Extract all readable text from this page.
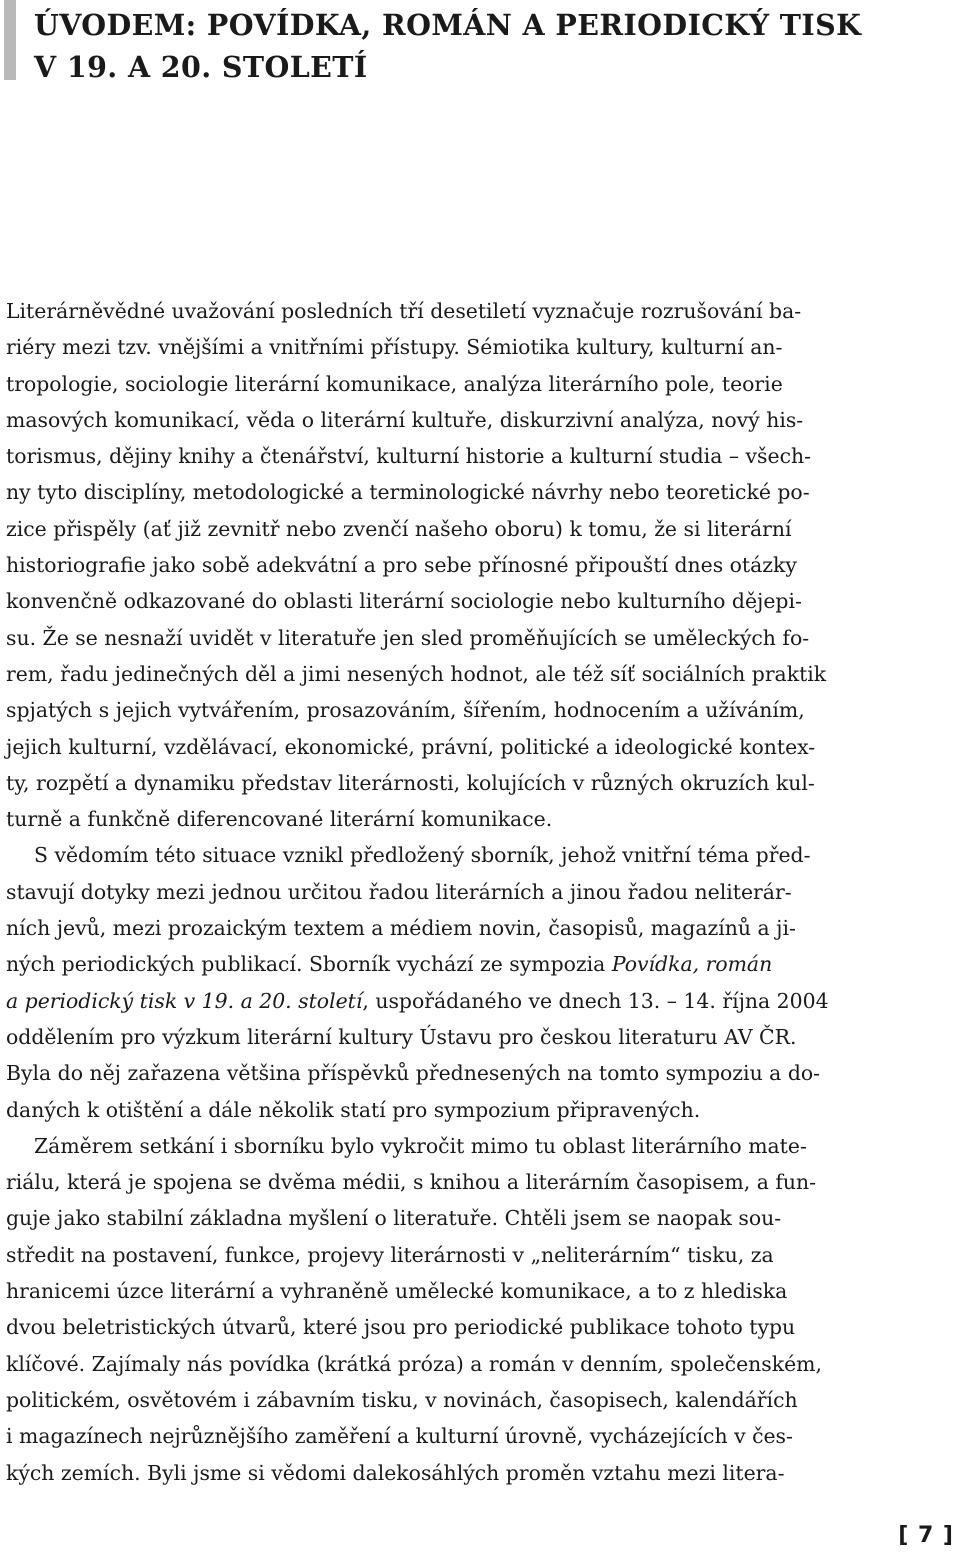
ÚVODEM: POVÍDKA, ROMÁN A PERIODICKÝ TISK
V 19. A 20. STOLETÍ
Literárněvědné uvažování posledních tří desetiletí vyznačuje rozrušování ba-
riéry mezi tzv. vnějšími a vnitřními přístupy. Sémiotika kultury, kulturní an-
tropologie, sociologie literární komunikace, analýza literárního pole, teorie
masových komunikací, věda o literární kultuře, diskurzivní analýza, nový his-
torismus, dějiny knihy a čtenářství, kulturní historie a kulturní studia – všech-
ny tyto disciplíny, metodologické a terminologické návrhy nebo teoretické po-
zice přispěly (ať již zevnitř nebo zvenčí našeho oboru) k tomu, že si literární
historiografie jako sobě adekvátní a pro sebe přínosné připouští dnes otázky
konvenčně odkazované do oblasti literární sociologie nebo kulturního dějepi-
su. Že se nesnaží uvidět v literatuře jen sled proměňujících se uměleckých fo-
rem, řadu jedinečných děl a jimi nesených hodnot, ale též síť sociálních praktik
spjatých s jejich vytvářením, prosazováním, šířením, hodnocením a užíváním,
jejich kulturní, vzdělávací, ekonomické, právní, politické a ideologické kontex-
ty, rozpětí a dynamiku představ literárnosti, kolujících v různých okruzích kul-
turně a funkčně diferencované literární komunikace.
S vědomím této situace vznikl předložený sborník, jehož vnitřní téma před-
stavují dotyky mezi jednou určitou řadou literárních a jinou řadou neliterár-
ních jevů, mezi prozaickým textem a médiem novin, časopisů, magazínů a ji-
ných periodických publikací. Sborník vychází ze sympozia Povídka, román
a periodický tisk v 19. a 20. století, uspořádaného ve dnech 13. – 14. října 2004
oddělením pro výzkum literární kultury Ústavu pro českou literaturu AV ČR.
Byla do něj zařazena většina příspěvků přednesených na tomto sympoziu a do-
daných k otištění a dále několik statí pro sympozium připravených.
Záměrem setkání i sborníku bylo vykročit mimo tu oblast literárního mate-
riálu, která je spojena se dvěma médii, s knihou a literárním časopisem, a fun-
guje jako stabilní základna myšlení o literatuře. Chtěli jsem se naopak sou-
středit na postavení, funkce, projevy literárnosti v „neliterárním“ tisku, za
hranicemi úzce literární a vyhraněně umělecké komunikace, a to z hlediska
dvou beletristických útvarů, které jsou pro periodické publikace tohoto typu
klíčové. Zajímaly nás povídka (krátká próza) a román v denním, společenském,
politickém, osvětovém i zábavním tisku, v novinách, časopisech, kalendářích
i magazínech nejrůznějšího zaměření a kulturní úrovně, vycházejících v čes-
kých zemích. Byli jsme si vědomi dalekosáhlých proměn vztahu mezi litera-
[ 7 ]
